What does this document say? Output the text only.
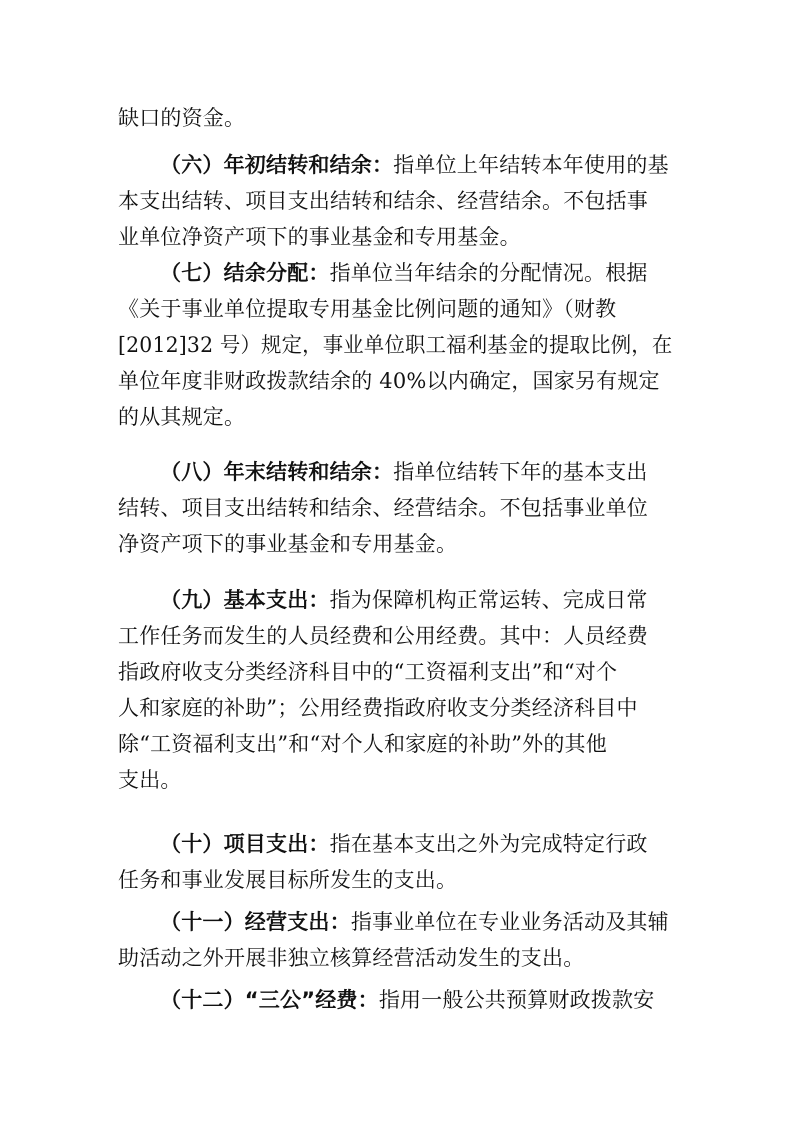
缺口的资金。
（六）年初结转和结余：指单位上年结转本年使用的基
本支出结转、项目支出结转和结余、经营结余。不包括事
业单位净资产项下的事业基金和专用基金。
（七）结余分配：指单位当年结余的分配情况。根据
《关于事业单位提取专用基金比例问题的通知》（财教
[2012]32 号）规定，事业单位职工福利基金的提取比例，在
单位年度非财政拨款结余的 40%以内确定，国家另有规定
的从其规定。
（八）年末结转和结余：指单位结转下年的基本支出
结转、项目支出结转和结余、经营结余。不包括事业单位
净资产项下的事业基金和专用基金。
（九）基本支出：指为保障机构正常运转、完成日常
工作任务而发生的人员经费和公用经费。其中：人员经费
指政府收支分类经济科目中的“工资福利支出”和“对个
人和家庭的补助”；公用经费指政府收支分类经济科目中
除“工资福利支出”和“对个人和家庭的补助”外的其他
支出。
（十）项目支出：指在基本支出之外为完成特定行政
任务和事业发展目标所发生的支出。
（十一）经营支出：指事业单位在专业业务活动及其辅
助活动之外开展非独立核算经营活动发生的支出。
（十二）“三公”经费：指用一般公共预算财政拨款安
